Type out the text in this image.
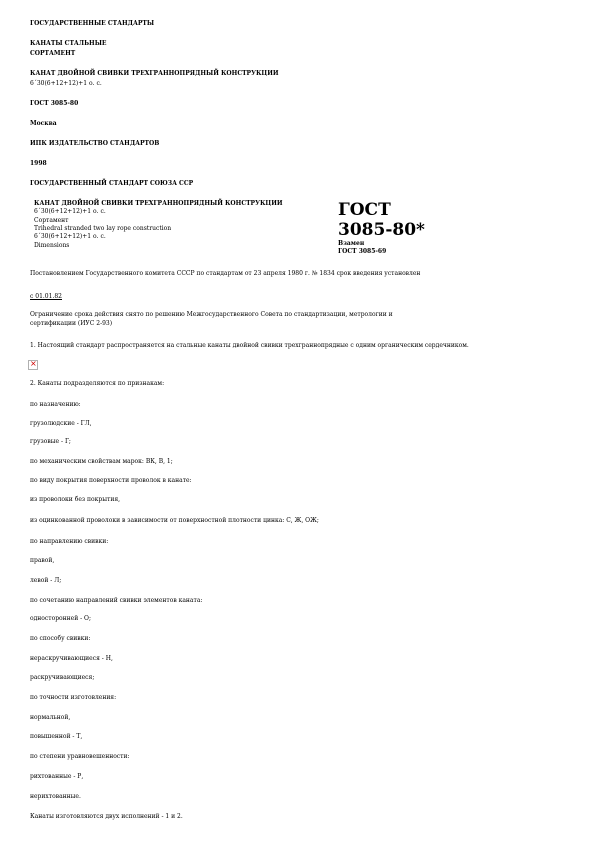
ГОСУДАРСТВЕННЫЕ СТАНДАРТЫ
КАНАТЫ СТАЛЬНЫЕ
СОРТАМЕНТ
КАНАТ ДВОЙНОЙ СВИВКИ ТРЕХГРАННОПРЯДНЫЙ КОНСТРУКЦИИ
6´30(6+12+12)+1 о. с.
ГОСТ 3085-80
Москва
ИПК ИЗДАТЕЛЬСТВО СТАНДАРТОВ
1998
ГОСУДАРСТВЕННЫЙ СТАНДАРТ СОЮЗА ССР
КАНАТ ДВОЙНОЙ СВИВКИ ТРЕХГРАННОПРЯДНЫЙ КОНСТРУКЦИИ
6´30(6+12+12)+1 о. с.
Сортамент
Trihedral stranded two lay rope construction
6´30(6+12+12)+1 о. с.
Dimensions
ГОСТ
3085-80*
Взамен
ГОСТ 3085-69
Постановлением Государственного комитета СССР по стандартам от 23 апреля 1980 г. № 1834 срок введения установлен
с 01.01.82
Ограничение срока действия снято по решению Межгосударственного Совета по стандартизации, метрологии и
сертификации (ИУС 2-93)
1. Настоящий стандарт распространяется на стальные канаты двойной свивки трехграннопрядные с одним органическим сердечником.
×
2. Канаты подразделяются по признакам:
по назначению:
грузолюдские - ГЛ,
грузовые - Г;
по механическим свойствам марок: ВК, В, 1;
по виду покрытия поверхности проволок в канате:
из проволоки без покрытия,
из оцинкованной проволоки в зависимости от поверхностной плотности цинка: С, Ж, ОЖ;
по направлению свивки:
правой,
левой - Л;
по сочетанию направлений свивки элементов каната:
односторонней - О;
по способу свивки:
нераскручивающиеся - Н,
раскручивающиеся;
по точности изготовления:
нормальной,
повышенной - Т,
по степени уравновешенности:
рихтованные - Р,
нерихтованные.
Канаты изготовляются двух исполнений - 1 и 2.
